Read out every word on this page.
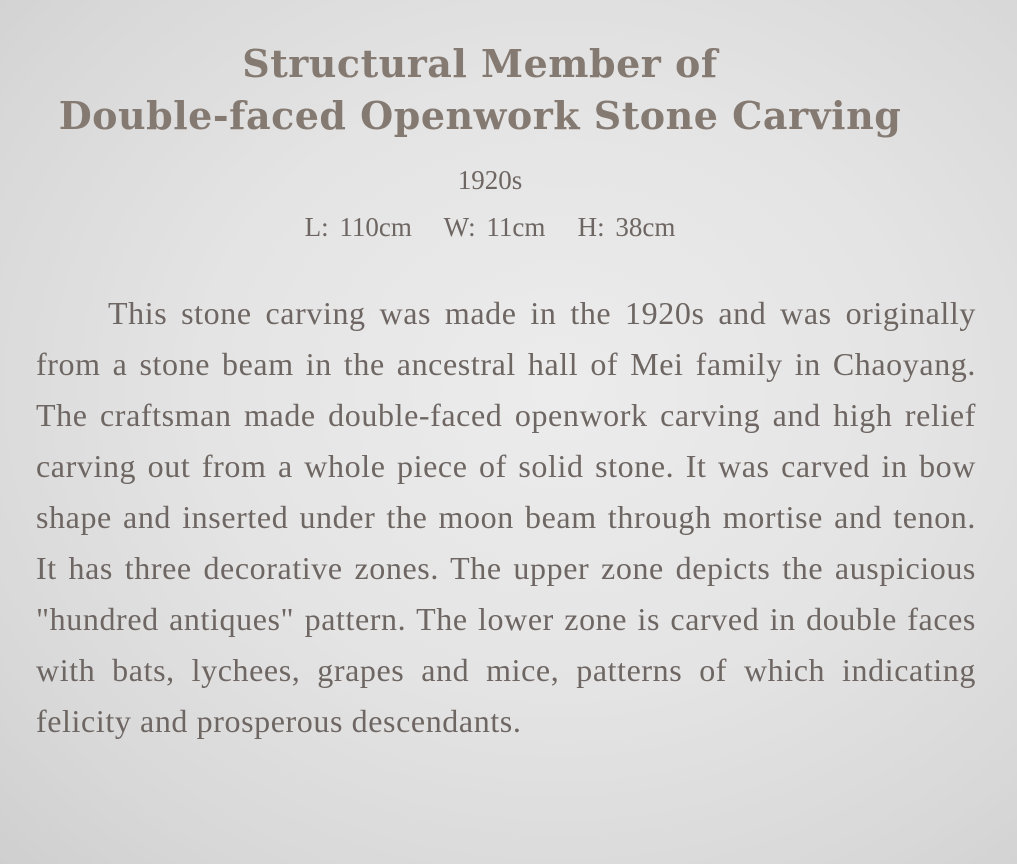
Structural Member of
Double-faced Openwork Stone Carving
1920s
L: 110cm   W: 11cm   H: 38cm
This stone carving was made in the 1920s and was originally from a stone beam in the ancestral hall of Mei family in Chaoyang. The craftsman made double-faced openwork carving and high relief carving out from a whole piece of solid stone. It was carved in bow shape and inserted under the moon beam through mortise and tenon. It has three decorative zones. The upper zone depicts the auspicious "hundred antiques" pattern. The lower zone is carved in double faces with bats, lychees, grapes and mice, patterns of which indicating felicity and prosperous descendants.
